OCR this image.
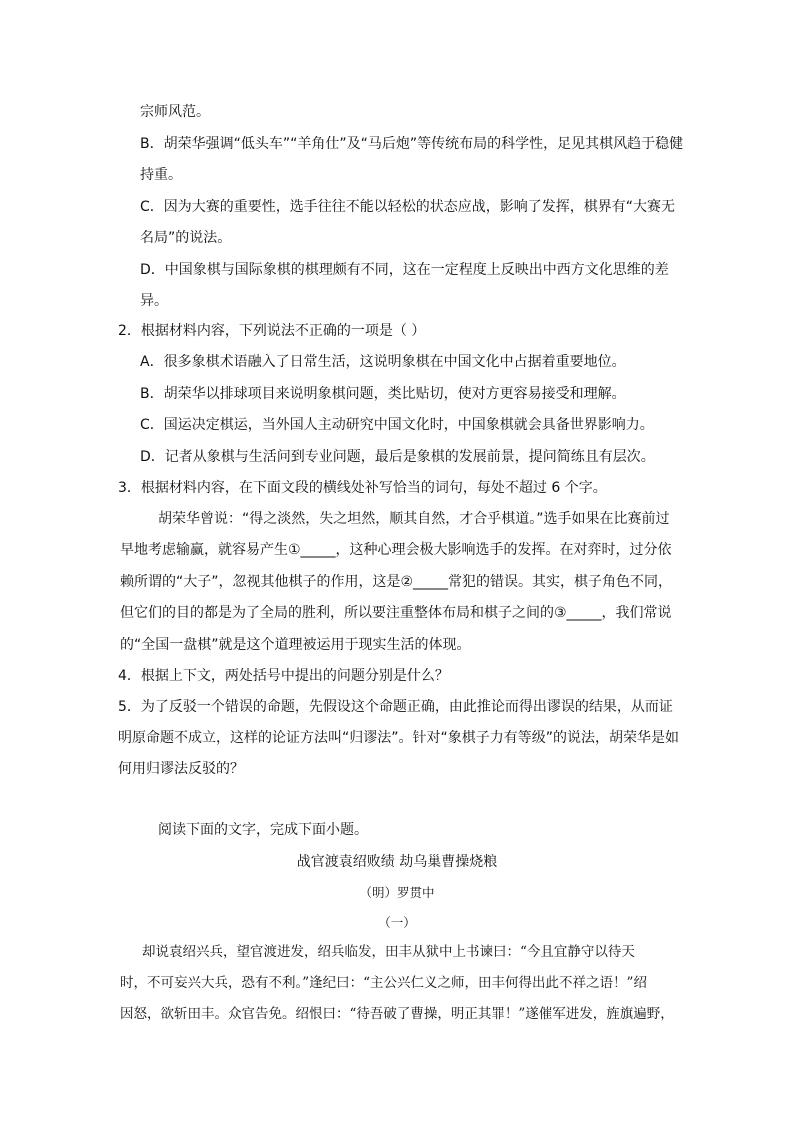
宗师风范。
B．胡荣华强调“低头车”“羊角仕”及“马后炮”等传统布局的科学性，足见其棋风趋于稳健
持重。
C．因为大赛的重要性，选手往往不能以轻松的状态应战，影响了发挥，棋界有“大赛无
名局”的说法。
D．中国象棋与国际象棋的棋理颇有不同，这在一定程度上反映出中西方文化思维的差
异。
2．根据材料内容，下列说法不正确的一项是（ ）
A．很多象棋术语融入了日常生活，这说明象棋在中国文化中占据着重要地位。
B．胡荣华以排球项目来说明象棋问题，类比贴切，使对方更容易接受和理解。
C．国运决定棋运，当外国人主动研究中国文化时，中国象棋就会具备世界影响力。
D．记者从象棋与生活问到专业问题，最后是象棋的发展前景，提问简练且有层次。
3．根据材料内容，在下面文段的横线处补写恰当的词句，每处不超过 6 个字。
胡荣华曾说：“得之淡然，失之坦然，顺其自然，才合乎棋道。”选手如果在比赛前过
早地考虑输赢，就容易产生①_____，这种心理会极大影响选手的发挥。在对弈时，过分依
赖所谓的“大子”，忽视其他棋子的作用，这是②_____常犯的错误。其实，棋子角色不同，
但它们的目的都是为了全局的胜利，所以要注重整体布局和棋子之间的③_____，我们常说
的“全国一盘棋”就是这个道理被运用于现实生活的体现。
4．根据上下文，两处括号中提出的问题分别是什么？
5．为了反驳一个错误的命题，先假设这个命题正确，由此推论而得出谬误的结果，从而证
明原命题不成立，这样的论证方法叫“归谬法”。针对“象棋子力有等级”的说法，胡荣华是如
何用归谬法反驳的？
阅读下面的文字，完成下面小题。
战官渡袁绍败绩 劫乌巢曹操烧粮
（明）罗贯中
（一）
却说袁绍兴兵，望官渡进发，绍兵临发，田丰从狱中上书谏曰：“今且宜静守以待天
时，不可妄兴大兵，恐有不利。”逢纪曰：“主公兴仁义之师，田丰何得出此不祥之语！”绍
因怒，欲斩田丰。众官告免。绍恨曰：“待吾破了曹操，明正其罪！”遂催军进发，旌旗遍野，
